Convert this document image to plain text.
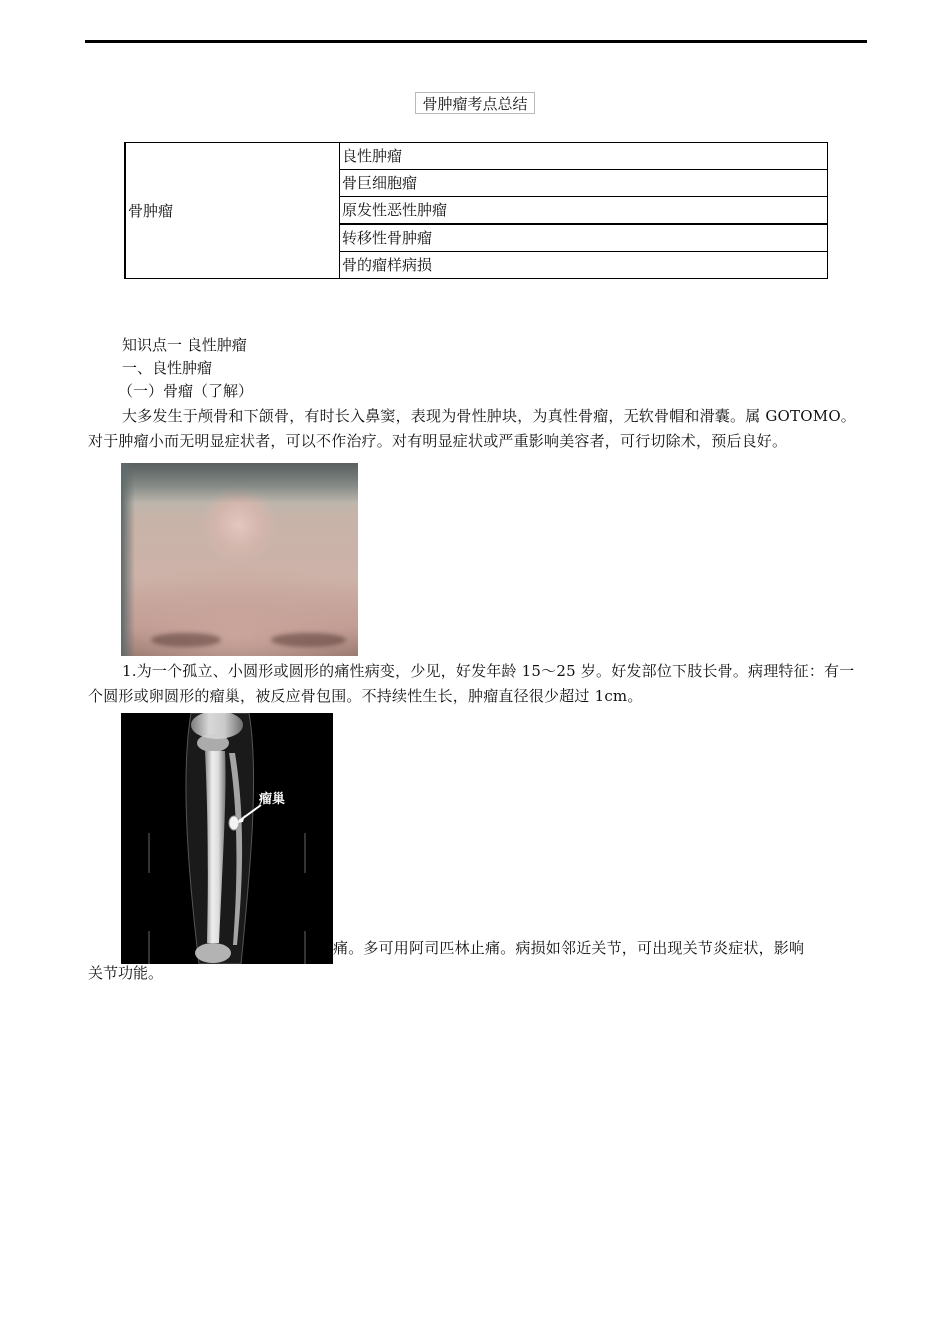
骨肿瘤考点总结
骨肿瘤	良性肿瘤
骨巨细胞瘤
原发性恶性肿瘤
转移性骨肿瘤
骨的瘤样病损
知识点一 良性肿瘤
一、良性肿瘤
（一）骨瘤（了解）
大多发生于颅骨和下颌骨，有时长入鼻窦，表现为骨性肿块，为真性骨瘤，无软骨帽和滑囊。属 GOTOMO。对于肿瘤小而无明显症状者，可以不作治疗。对有明显症状或严重影响美容者，可行切除术，预后良好。
1.为一个孤立、小圆形或圆形的痛性病变，少见，好发年龄 15～25 岁。好发部位下肢长骨。病理特征：有一个圆形或卵圆形的瘤巢，被反应骨包围。不持续性生长，肿瘤直径很少超过 1cm。
痛。多可用阿司匹林止痛。病损如邻近关节，可出现关节炎症状，影响
关节功能。
瘤巢
